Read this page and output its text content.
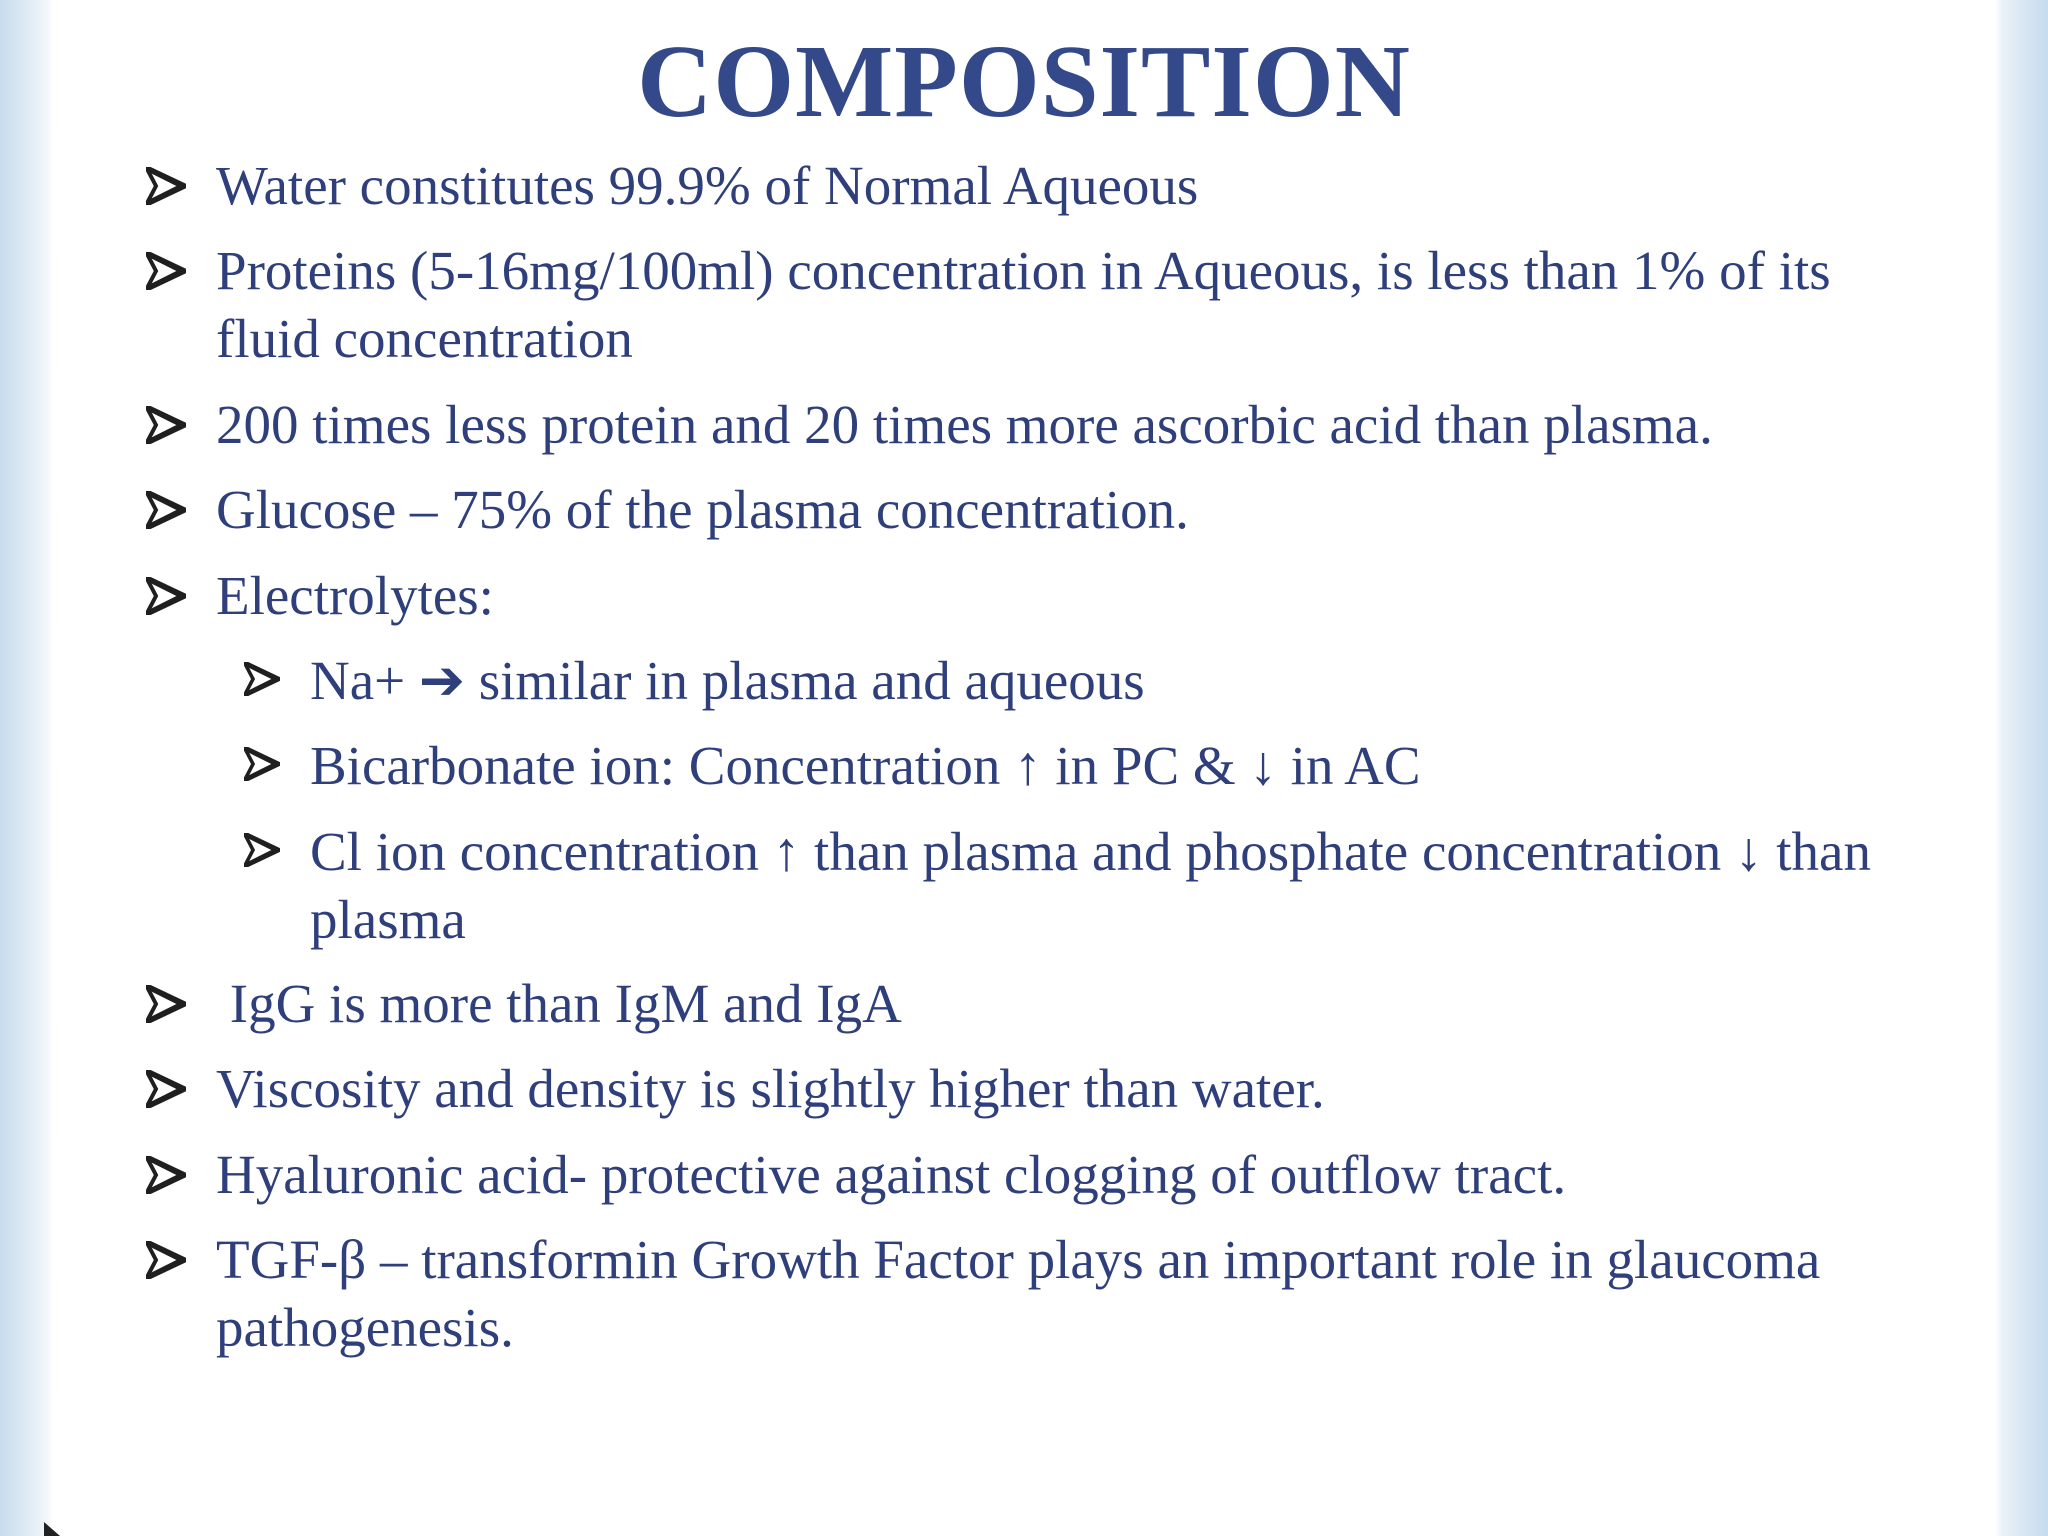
COMPOSITION
Water constitutes 99.9% of Normal Aqueous
Proteins (5-16mg/100ml) concentration in Aqueous, is less than 1% of its
fluid concentration
200 times less protein and 20 times more ascorbic acid than plasma.
Glucose – 75% of the plasma concentration.
Electrolytes:
Na+ ➔ similar in plasma and aqueous
Bicarbonate ion: Concentration ↑ in PC & ↓ in AC
Cl ion concentration ↑ than plasma and phosphate concentration ↓ than
plasma
IgG is more than IgM and IgA
Viscosity and density is slightly higher than water.
Hyaluronic acid- protective against clogging of outflow tract.
TGF-β – transformin Growth Factor plays an important role in glaucoma
pathogenesis.
